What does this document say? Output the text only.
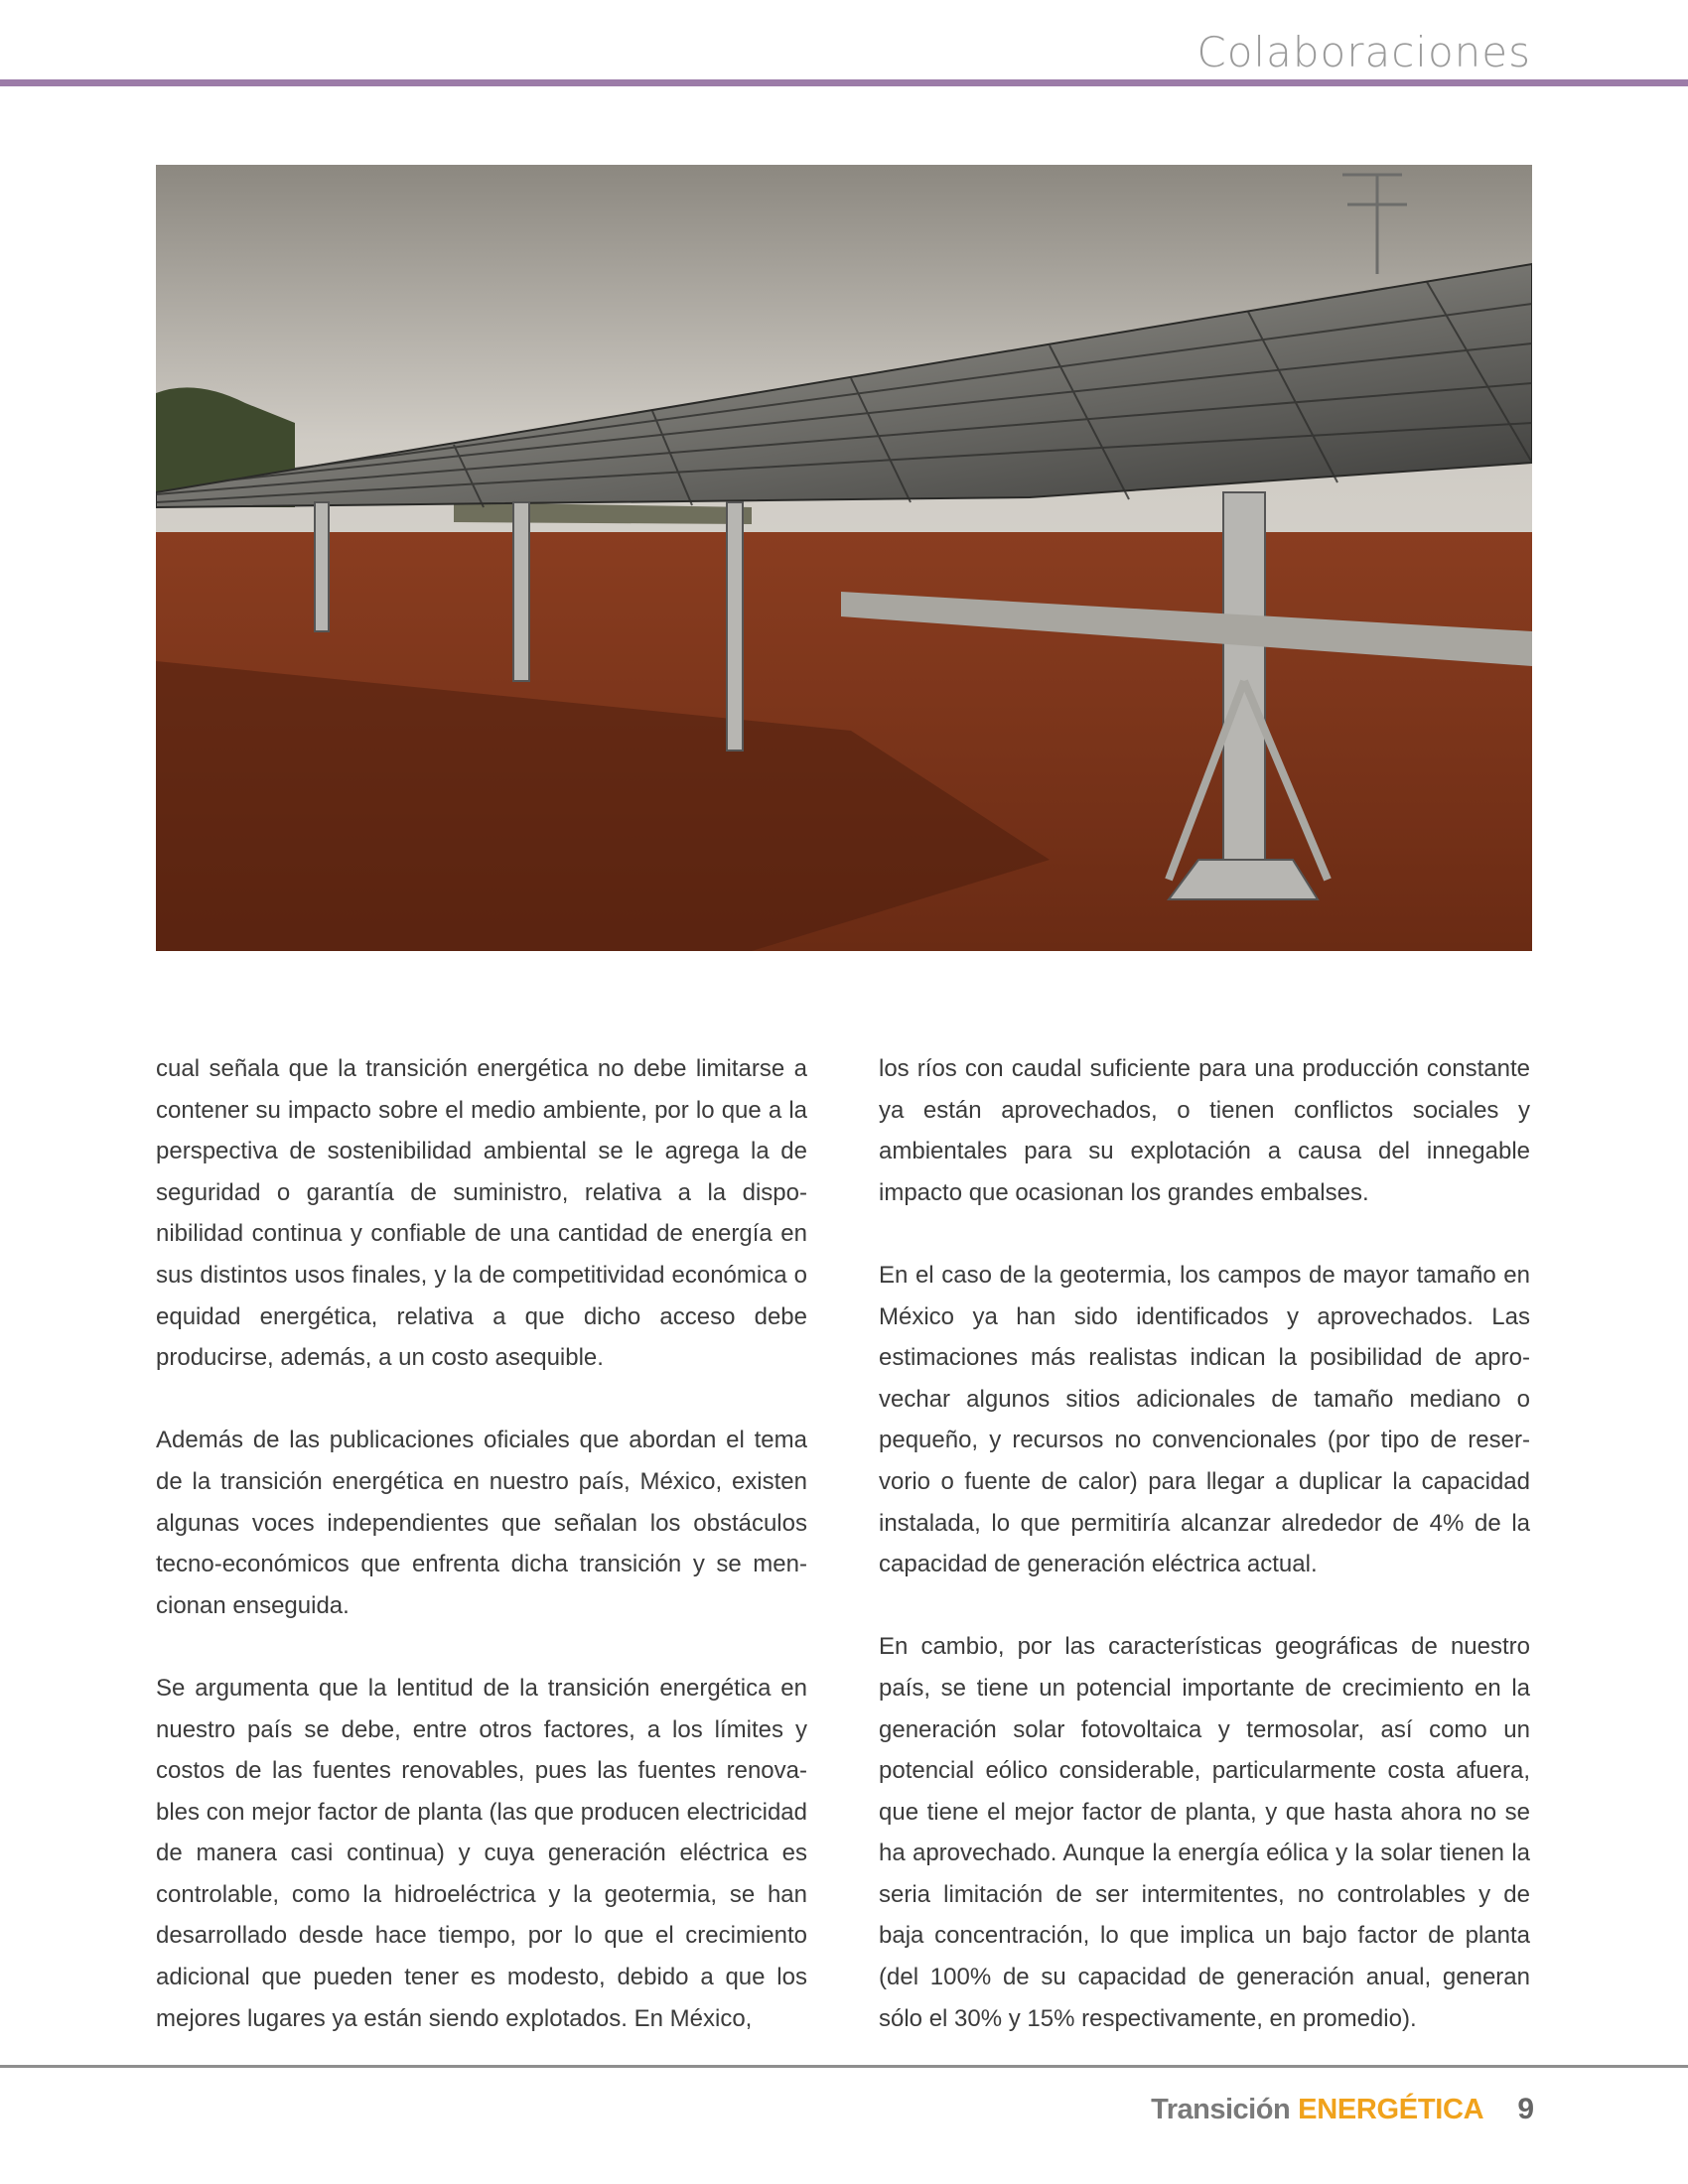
Colaboraciones

cual señala que la transición energética no debe limitarse a contener su impacto sobre el medio ambiente, por lo que a la perspectiva de sostenibilidad ambiental se le agrega la de seguridad o garantía de suministro, relativa a la disponibilidad continua y confiable de una cantidad de energía en sus distintos usos finales, y la de competitividad económica o equidad energética, relativa a que dicho acceso debe producirse, además, a un costo asequible.

Además de las publicaciones oficiales que abordan el tema de la transición energética en nuestro país, México, existen algunas voces independientes que señalan los obstáculos tecno-económicos que enfrenta dicha transición y se mencionan enseguida.

Se argumenta que la lentitud de la transición energética en nuestro país se debe, entre otros factores, a los límites y costos de las fuentes renovables, pues las fuentes renovables con mejor factor de planta (las que producen electricidad de manera casi continua) y cuya generación eléctrica es controlable, como la hidroeléctrica y la geotermia, se han desarrollado desde hace tiempo, por lo que el crecimiento adicional que pueden tener es modesto, debido a que los mejores lugares ya están siendo explotados. En México,

los ríos con caudal suficiente para una producción constante ya están aprovechados, o tienen conflictos sociales y ambientales para su explotación a causa del innegable impacto que ocasionan los grandes embalses.

En el caso de la geotermia, los campos de mayor tamaño en México ya han sido identificados y aprovechados. Las estimaciones más realistas indican la posibilidad de aprovechar algunos sitios adicionales de tamaño mediano o pequeño, y recursos no convencionales (por tipo de reservorio o fuente de calor) para llegar a duplicar la capacidad instalada, lo que permitiría alcanzar alrededor de 4% de la capacidad de generación eléctrica actual.

En cambio, por las características geográficas de nuestro país, se tiene un potencial importante de crecimiento en la generación solar fotovoltaica y termosolar, así como un potencial eólico considerable, particularmente costa afuera, que tiene el mejor factor de planta, y que hasta ahora no se ha aprovechado. Aunque la energía eólica y la solar tienen la seria limitación de ser intermitentes, no controlables y de baja concentración, lo que implica un bajo factor de planta (del 100% de su capacidad de generación anual, generan sólo el 30% y 15% respectivamente, en promedio).

Transición ENERGÉTICA 9
